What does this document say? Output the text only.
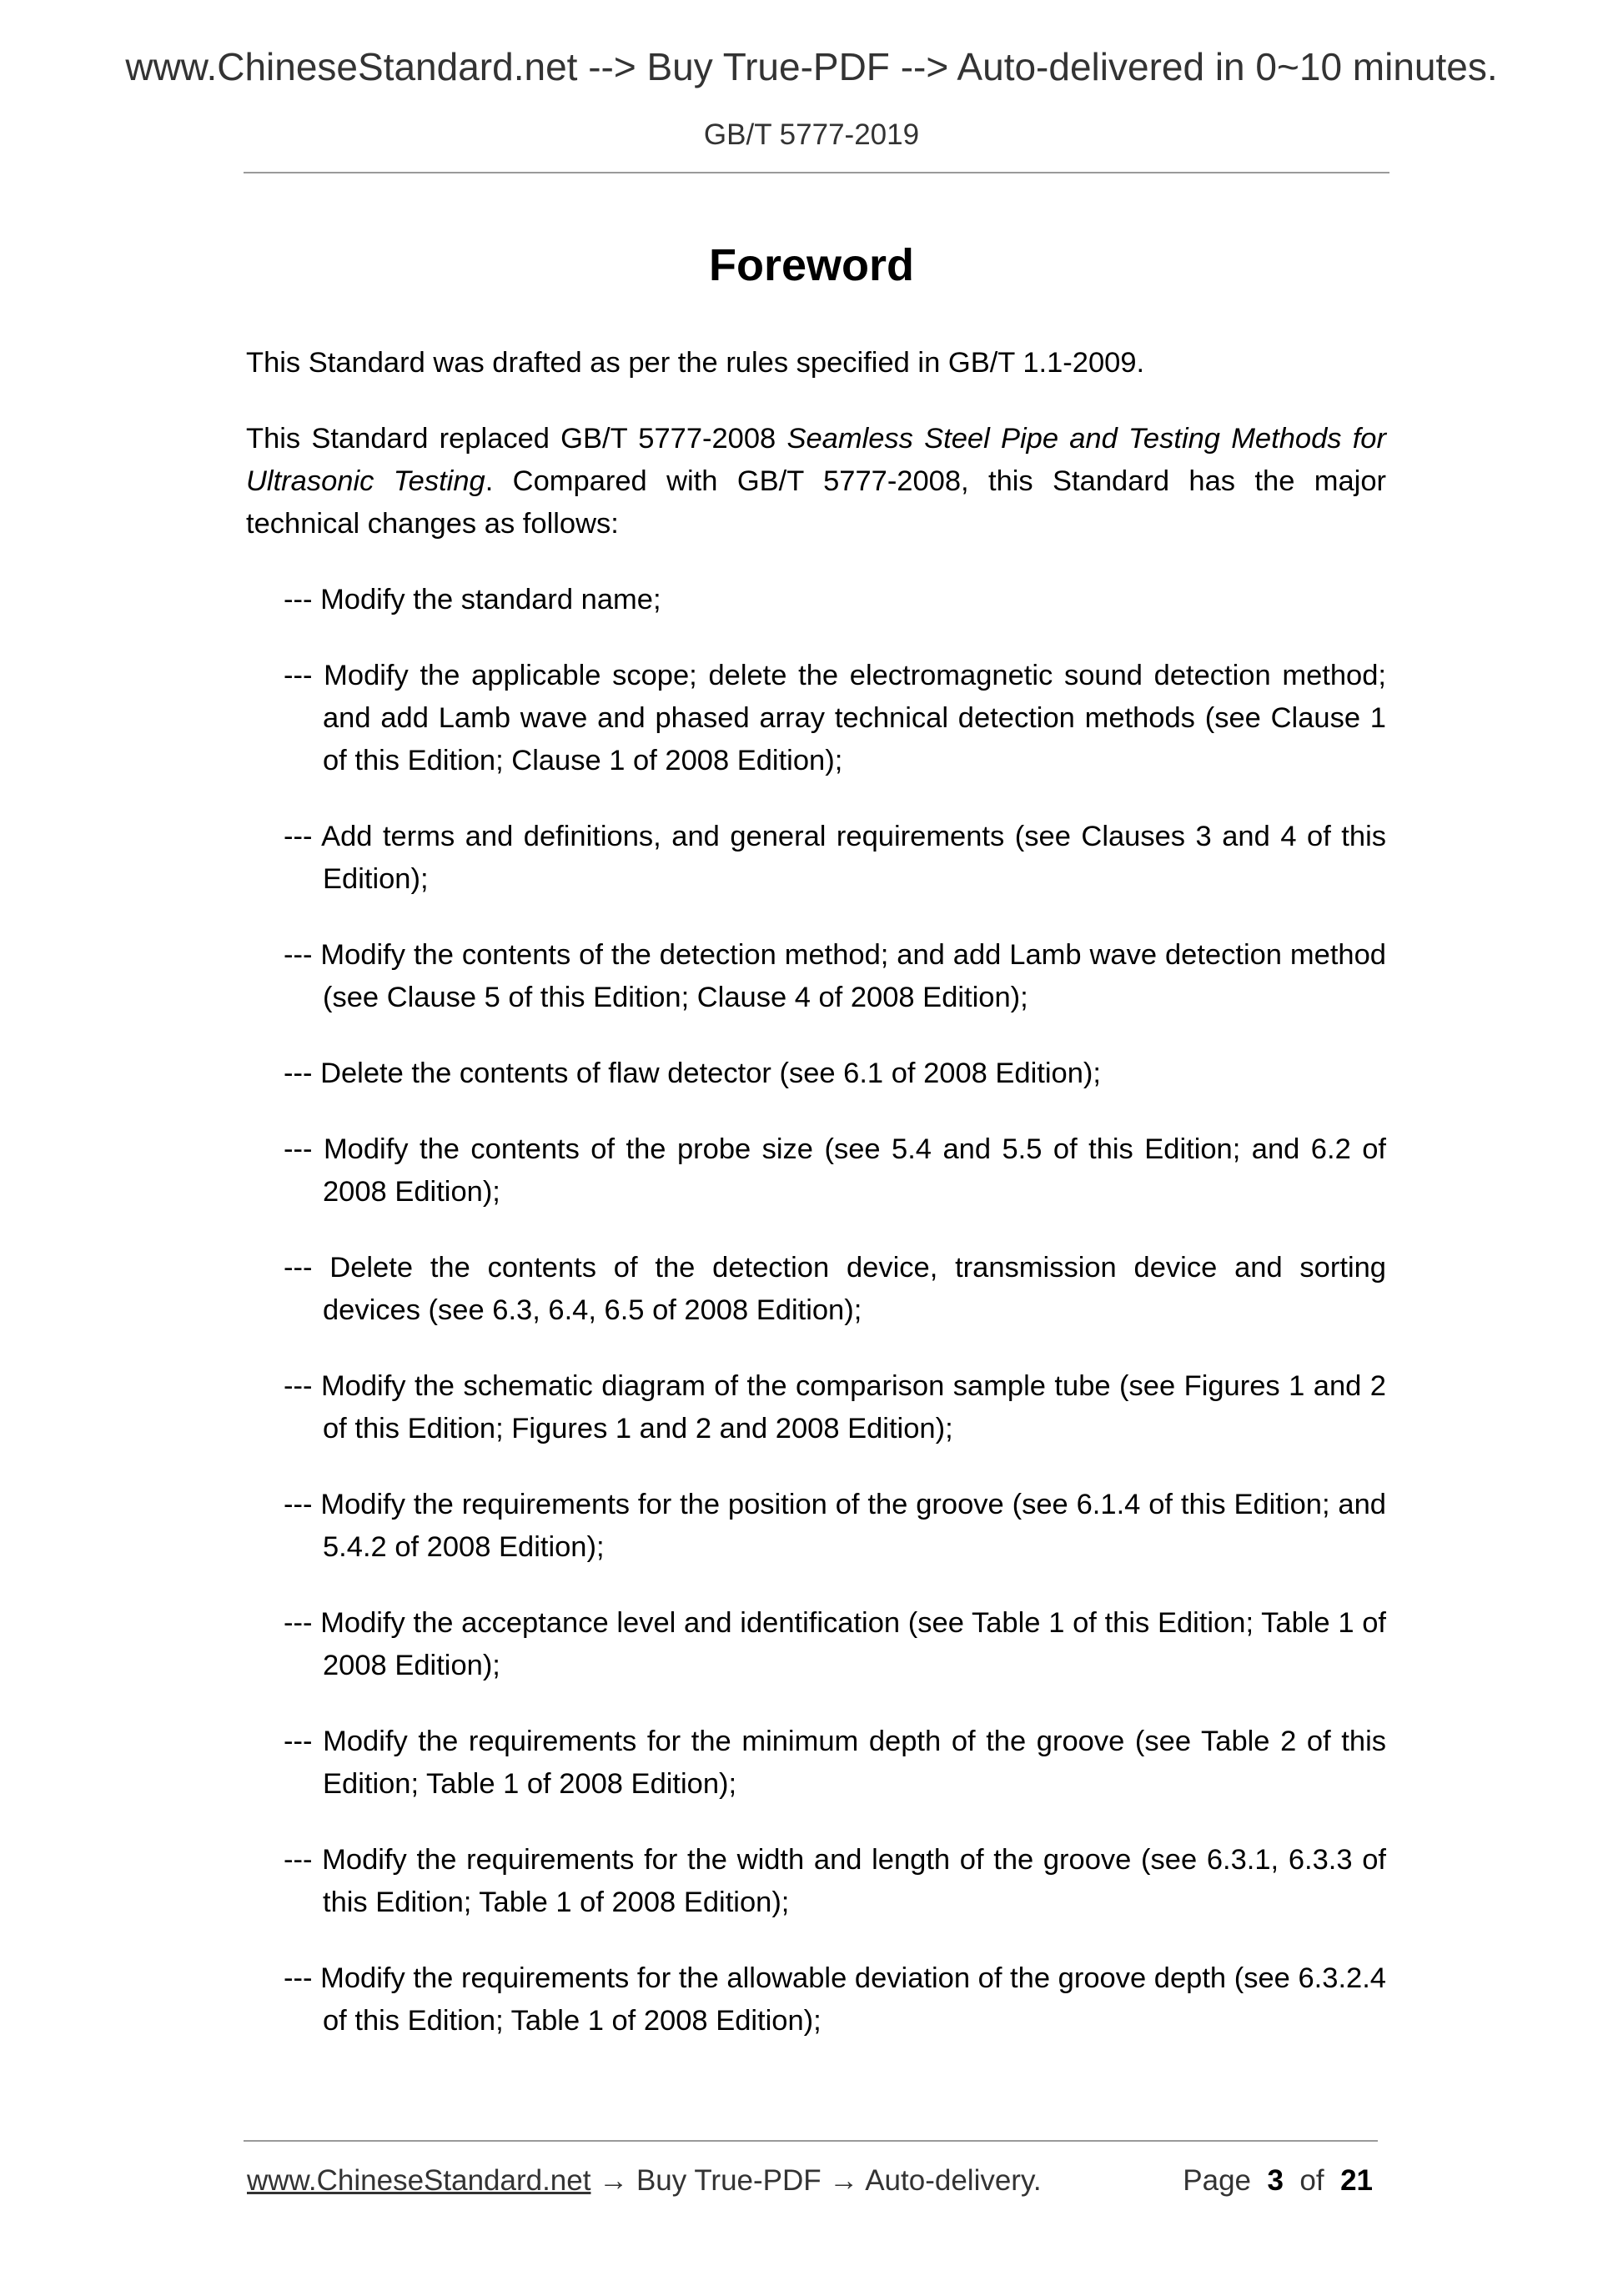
www.ChineseStandard.net --> Buy True-PDF --> Auto-delivered in 0~10 minutes.
GB/T 5777-2019
Foreword

This Standard was drafted as per the rules specified in GB/T 1.1-2009.

This Standard replaced GB/T 5777-2008 Seamless Steel Pipe and Testing Methods for Ultrasonic Testing. Compared with GB/T 5777-2008, this Standard has the major technical changes as follows:

--- Modify the standard name;
--- Modify the applicable scope; delete the electromagnetic sound detection method; and add Lamb wave and phased array technical detection methods (see Clause 1 of this Edition; Clause 1 of 2008 Edition);
--- Add terms and definitions, and general requirements (see Clauses 3 and 4 of this Edition);
--- Modify the contents of the detection method; and add Lamb wave detection method (see Clause 5 of this Edition; Clause 4 of 2008 Edition);
--- Delete the contents of flaw detector (see 6.1 of 2008 Edition);
--- Modify the contents of the probe size (see 5.4 and 5.5 of this Edition; and 6.2 of 2008 Edition);
--- Delete the contents of the detection device, transmission device and sorting devices (see 6.3, 6.4, 6.5 of 2008 Edition);
--- Modify the schematic diagram of the comparison sample tube (see Figures 1 and 2 of this Edition; Figures 1 and 2 and 2008 Edition);
--- Modify the requirements for the position of the groove (see 6.1.4 of this Edition; and 5.4.2 of 2008 Edition);
--- Modify the acceptance level and identification (see Table 1 of this Edition; Table 1 of 2008 Edition);
--- Modify the requirements for the minimum depth of the groove (see Table 2 of this Edition; Table 1 of 2008 Edition);
--- Modify the requirements for the width and length of the groove (see 6.3.1, 6.3.3 of this Edition; Table 1 of 2008 Edition);
--- Modify the requirements for the allowable deviation of the groove depth (see 6.3.2.4 of this Edition; Table 1 of 2008 Edition);
www.ChineseStandard.net → Buy True-PDF → Auto-delivery.	Page 3 of 21
